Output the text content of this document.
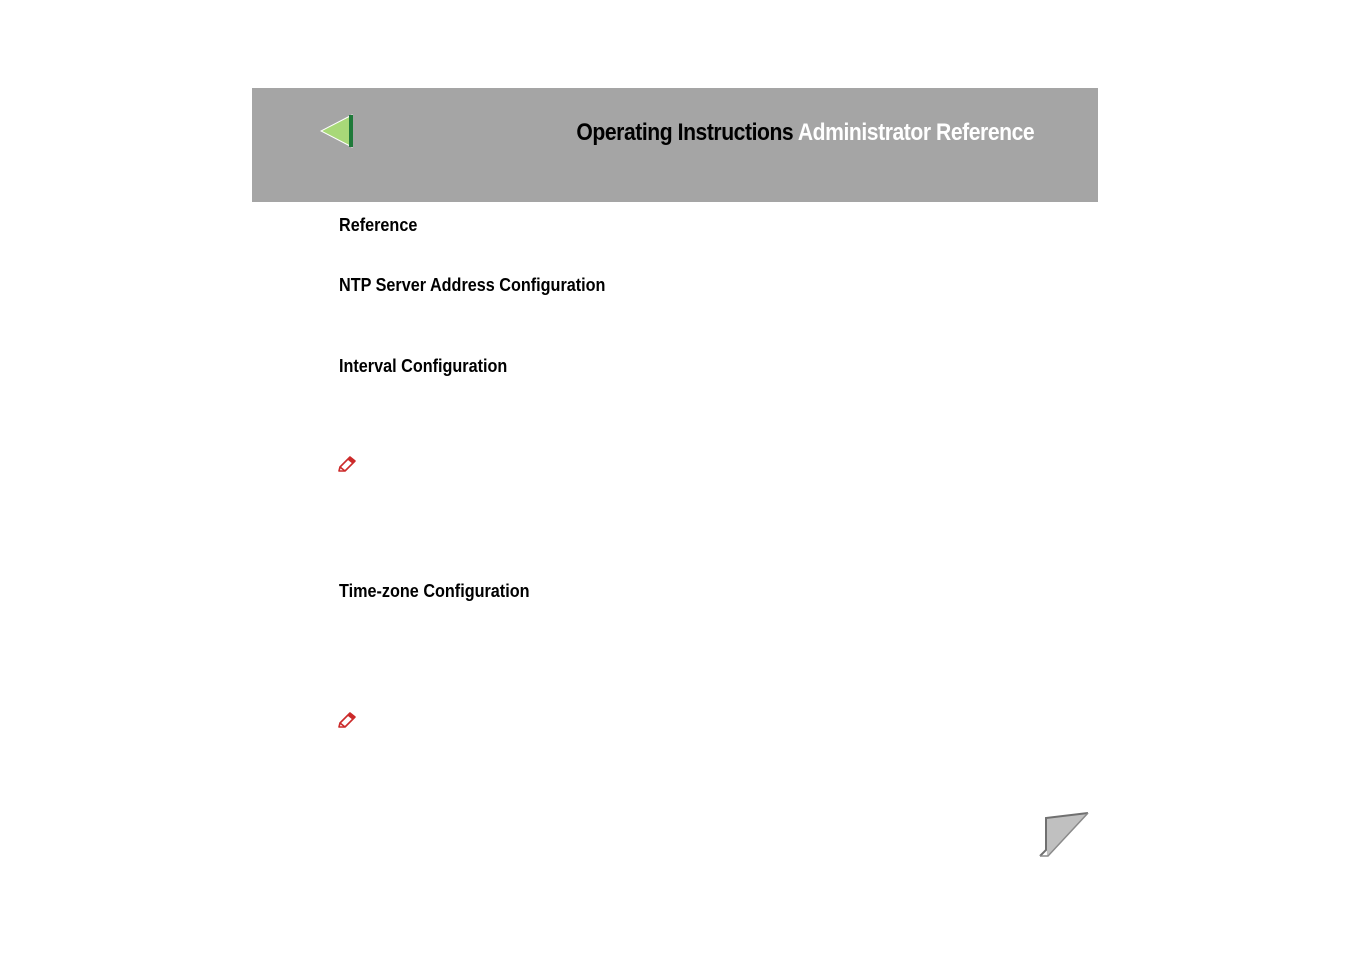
Operating Instructions Administrator Reference
Reference
NTP Server Address Configuration
Interval Configuration
Time-zone Configuration
